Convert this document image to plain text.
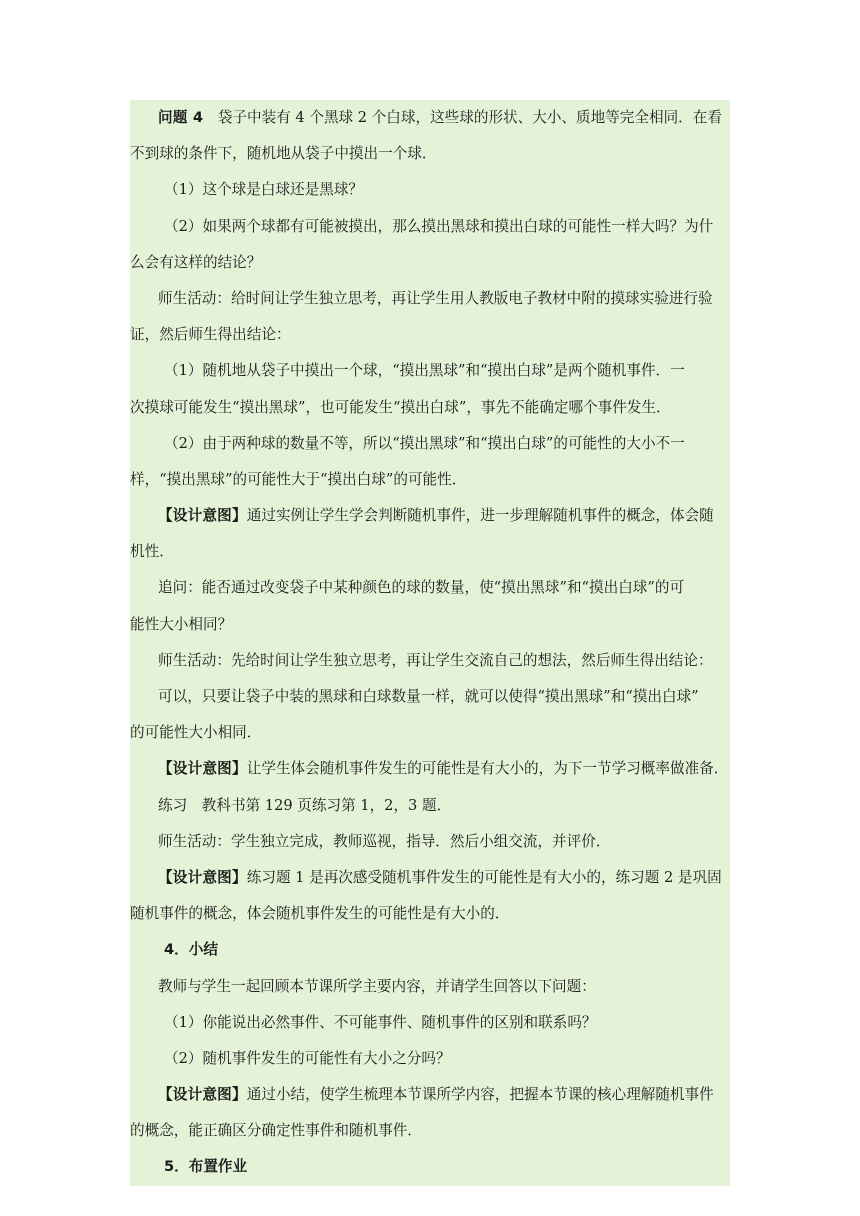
问题 4　袋子中装有 4 个黑球 2 个白球，这些球的形状、大小、质地等完全相同．在看
不到球的条件下，随机地从袋子中摸出一个球．
（1）这个球是白球还是黑球？
（2）如果两个球都有可能被摸出，那么摸出黑球和摸出白球的可能性一样大吗？为什
么会有这样的结论？
师生活动：给时间让学生独立思考，再让学生用人教版电子教材中附的摸球实验进行验
证，然后师生得出结论：
（1）随机地从袋子中摸出一个球，“摸出黑球”和“摸出白球”是两个随机事件．一
次摸球可能发生“摸出黑球”，也可能发生“摸出白球”，事先不能确定哪个事件发生．
（2）由于两种球的数量不等，所以“摸出黑球”和“摸出白球”的可能性的大小不一
样，“摸出黑球”的可能性大于“摸出白球”的可能性．
【设计意图】通过实例让学生学会判断随机事件，进一步理解随机事件的概念，体会随
机性．
追问：能否通过改变袋子中某种颜色的球的数量，使“摸出黑球”和“摸出白球”的可
能性大小相同？
师生活动：先给时间让学生独立思考，再让学生交流自己的想法，然后师生得出结论：
可以，只要让袋子中装的黑球和白球数量一样，就可以使得“摸出黑球”和“摸出白球”
的可能性大小相同．
【设计意图】让学生体会随机事件发生的可能性是有大小的，为下一节学习概率做准备．
练习　教科书第 129 页练习第 1，2，3 题．
师生活动：学生独立完成，教师巡视，指导．然后小组交流，并评价．
【设计意图】练习题 1 是再次感受随机事件发生的可能性是有大小的，练习题 2 是巩固
随机事件的概念，体会随机事件发生的可能性是有大小的．
4．小结
教师与学生一起回顾本节课所学主要内容，并请学生回答以下问题：
（1）你能说出必然事件、不可能事件、随机事件的区别和联系吗？
（2）随机事件发生的可能性有大小之分吗？
【设计意图】通过小结，使学生梳理本节课所学内容，把握本节课的核心理解随机事件
的概念，能正确区分确定性事件和随机事件．
5．布置作业
